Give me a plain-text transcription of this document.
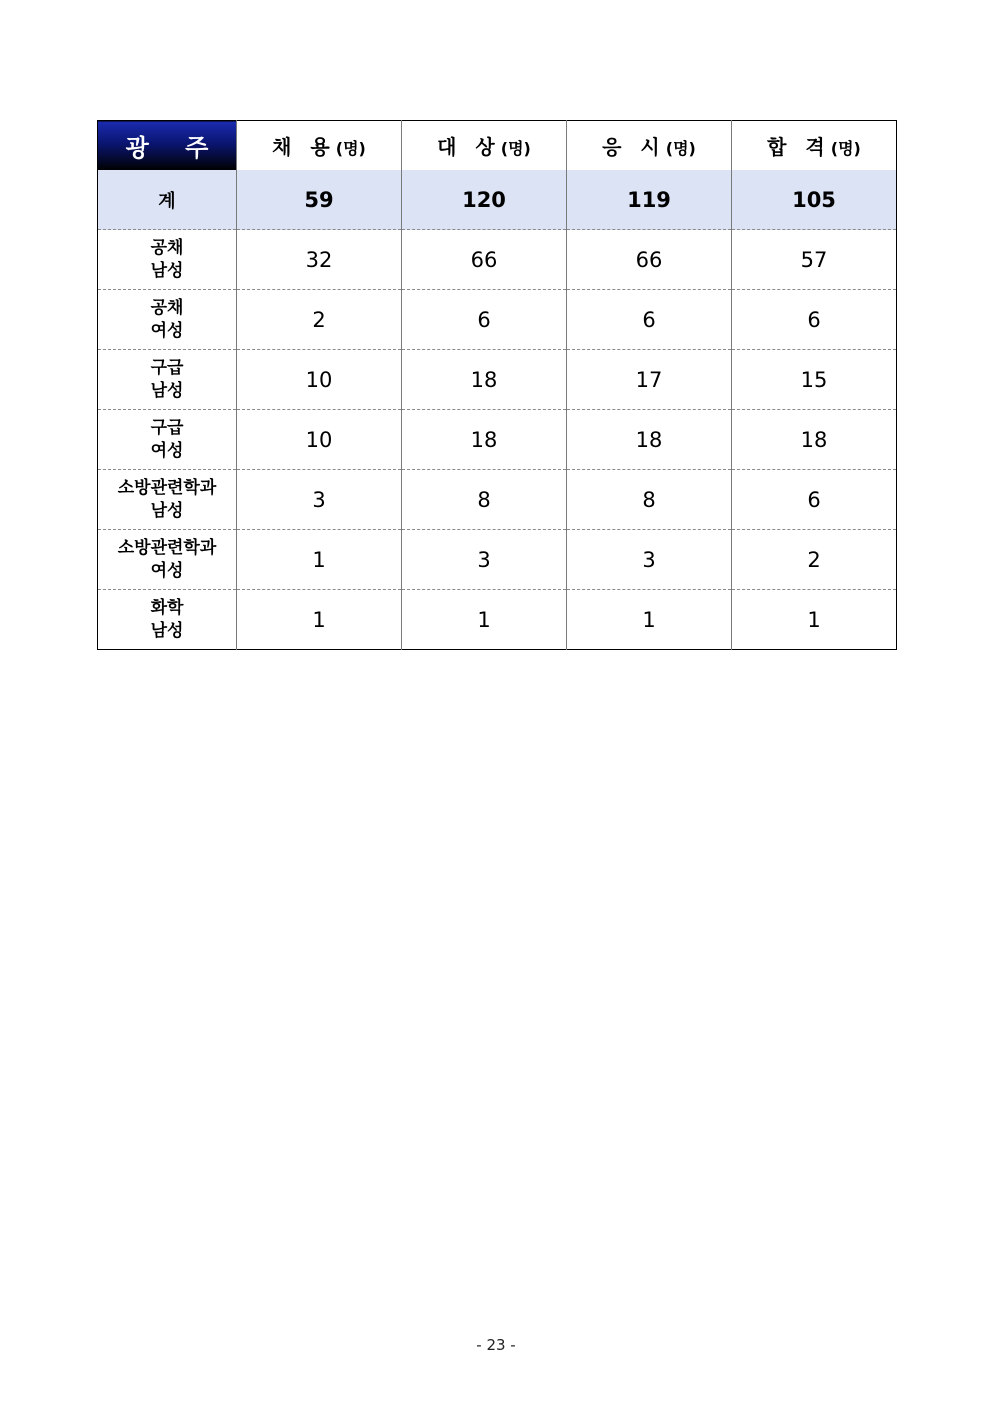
광 주	채 용(명)	대 상(명)	응 시(명)	합 격(명)
계	59	120	119	105

공채
남성	32	66	66	57

공채
여성	2	6	6	6

구급
남성	10	18	17	15

구급
여성	10	18	18	18

소방관련학과
남성	3	8	8	6

소방관련학과
여성	1	3	3	2

화학
남성	1	1	1	1
- 23 -
